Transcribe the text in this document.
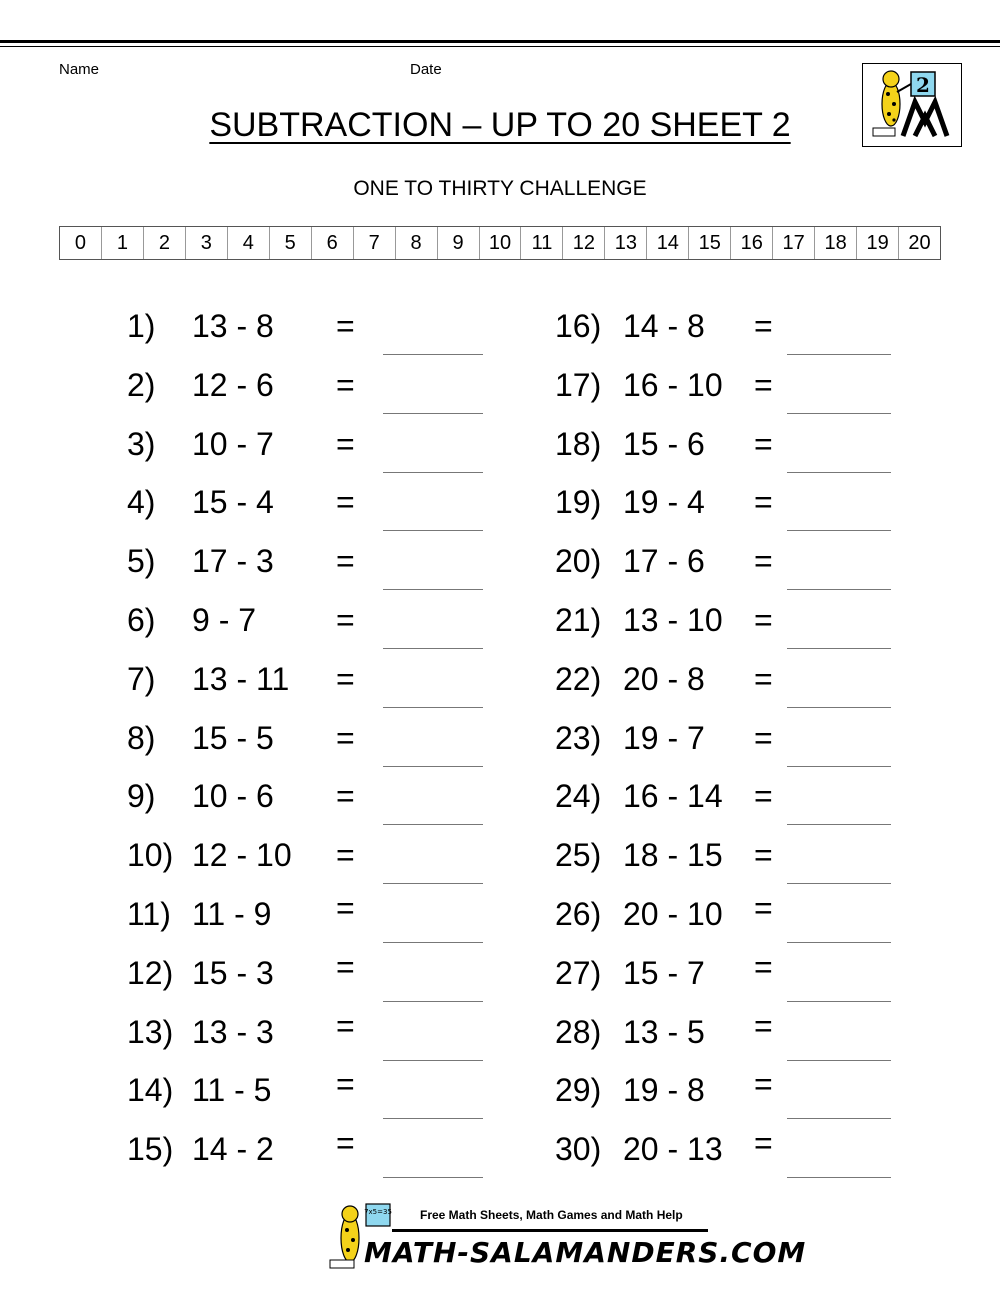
Name	Date
SUBTRACTION – UP TO 20 SHEET 2
ONE TO THIRTY CHALLENGE
2
0	1	2	3	4	5	6	7	8	9	10	11	12 13 14 15 16 17 18 19 20
1) 13 - 8 =
2) 12 - 6 =
3) 10 - 7 =
4) 15 - 4 =
5) 17 - 3 =
6) 9 - 7 =
7) 13 - 11 =
8) 15 - 5 =
9) 10 - 6 =
10) 12 - 10 =
11) 11 - 9 =
12) 15 - 3 =
13) 13 - 3 =
14) 11 - 5 =
15) 14 - 2 =
16) 14 - 8 =
17) 16 - 10 =
18) 15 - 6 =
19) 19 - 4 =
20) 17 - 6 =
21) 13 - 10 =
22) 20 - 8 =
23) 19 - 7 =
24) 16 - 14 =
25) 18 - 15 =
26) 20 - 10 =
27) 15 - 7 =
28) 13 - 5 =
29) 19 - 8 =
30) 20 - 13 =
7x5=35 Free Math Sheets, Math Games and Math Help
MATH-SALAMANDERS.COM
